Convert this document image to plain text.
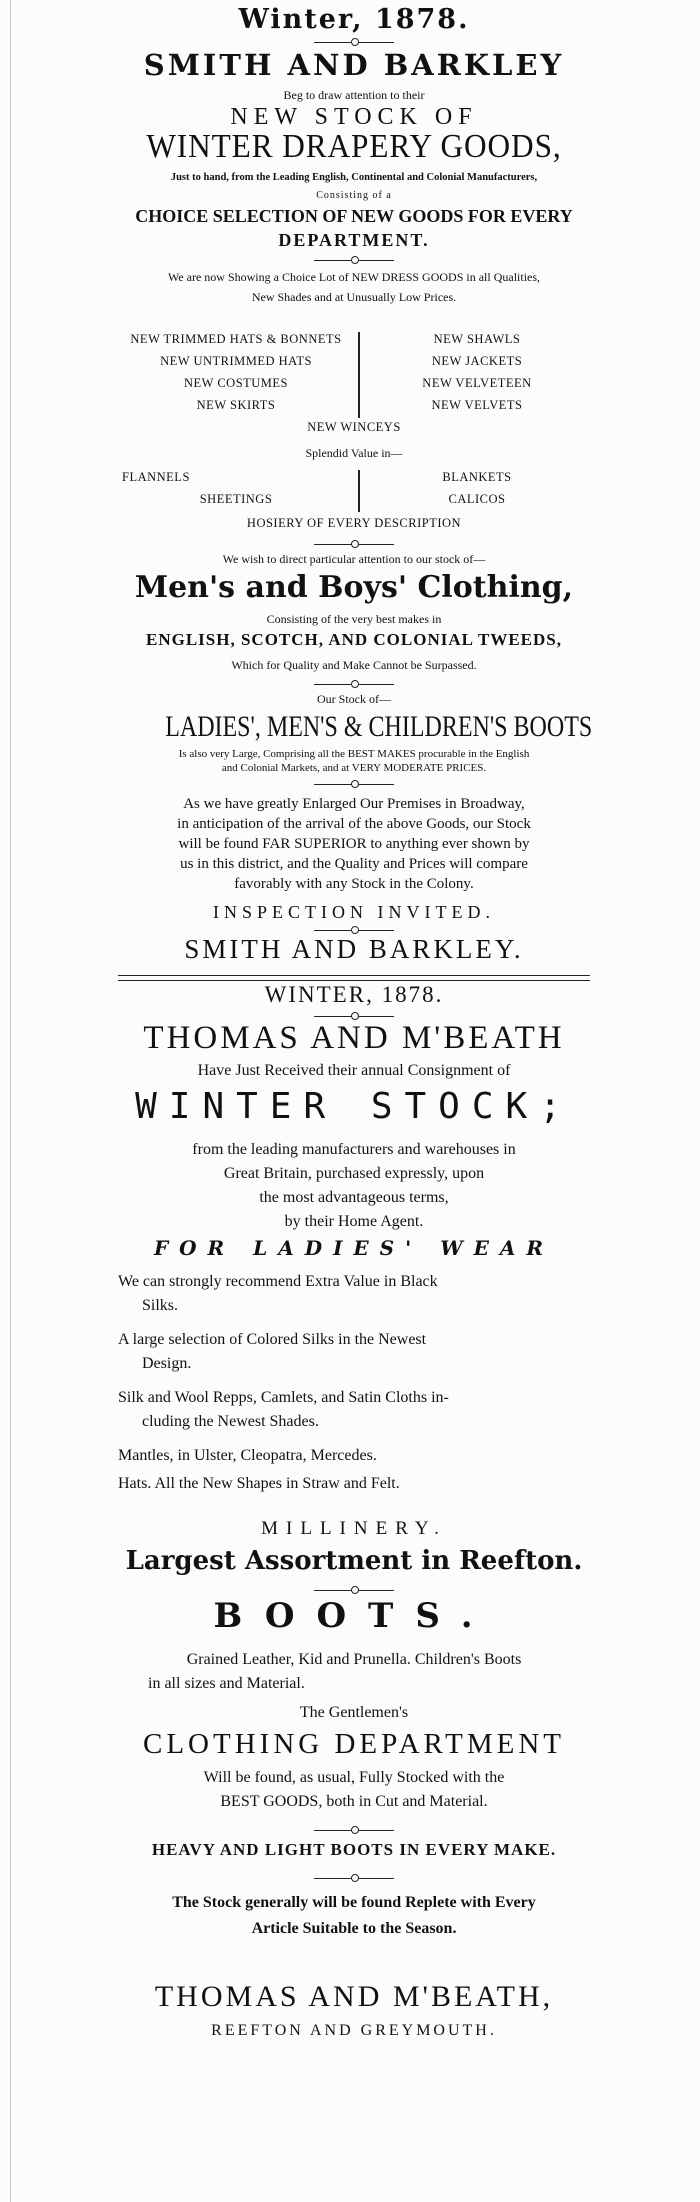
Winter, 1878.
SMITH AND BARKLEY
Beg to draw attention to their
NEW STOCK OF
WINTER DRAPERY GOODS,
Just to hand, from the Leading English, Continental and Colonial Manufacturers,
Consisting of a
CHOICE SELECTION OF NEW GOODS FOR EVERY
DEPARTMENT.
We are now Showing a Choice Lot of NEW DRESS GOODS in all Qualities,
New Shades and at Unusually Low Prices.
NEW TRIMMED HATS & BONNETS	NEW SHAWLS
NEW UNTRIMMED HATS	NEW JACKETS
NEW COSTUMES	NEW VELVETEEN
NEW SKIRTS	NEW VELVETS
NEW WINCEYS
Splendid Value in—
FLANNELS	BLANKETS
SHEETINGS	CALICOS
HOSIERY OF EVERY DESCRIPTION
We wish to direct particular attention to our stock of—
Men's and Boys' Clothing,
Consisting of the very best makes in
ENGLISH, SCOTCH, AND COLONIAL TWEEDS,
Which for Quality and Make Cannot be Surpassed.
Our Stock of—
LADIES', MEN'S & CHILDREN'S BOOTS
Is also very Large, Comprising all the BEST MAKES procurable in the English
and Colonial Markets, and at VERY MODERATE PRICES.
As we have greatly Enlarged Our Premises in Broadway,
in anticipation of the arrival of the above Goods, our Stock
will be found FAR SUPERIOR to anything ever shown by
us in this district, and the Quality and Prices will compare
favorably with any Stock in the Colony.
INSPECTION INVITED.
SMITH AND BARKLEY.
WINTER, 1878.
THOMAS AND M'BEATH
Have Just Received their annual Consignment of
WINTER STOCK;
from the leading manufacturers and warehouses in
Great Britain, purchased expressly, upon
the most advantageous terms,
by their Home Agent.
FOR LADIES' WEAR
We can strongly recommend Extra Value in Black
Silks.
A large selection of Colored Silks in the Newest
Design.
Silk and Wool Repps, Camlets, and Satin Cloths in-
cluding the Newest Shades.
Mantles, in Ulster, Cleopatra, Mercedes.
Hats. All the New Shapes in Straw and Felt.
MILLINERY.
Largest Assortment in Reefton.
BOOTS.
Grained Leather, Kid and Prunella. Children's Boots
in all sizes and Material.
The Gentlemen's
CLOTHING DEPARTMENT
Will be found, as usual, Fully Stocked with the
BEST GOODS, both in Cut and Material.
HEAVY AND LIGHT BOOTS IN EVERY MAKE.
The Stock generally will be found Replete with Every
Article Suitable to the Season.
THOMAS AND M'BEATH,
REEFTON AND GREYMOUTH.
